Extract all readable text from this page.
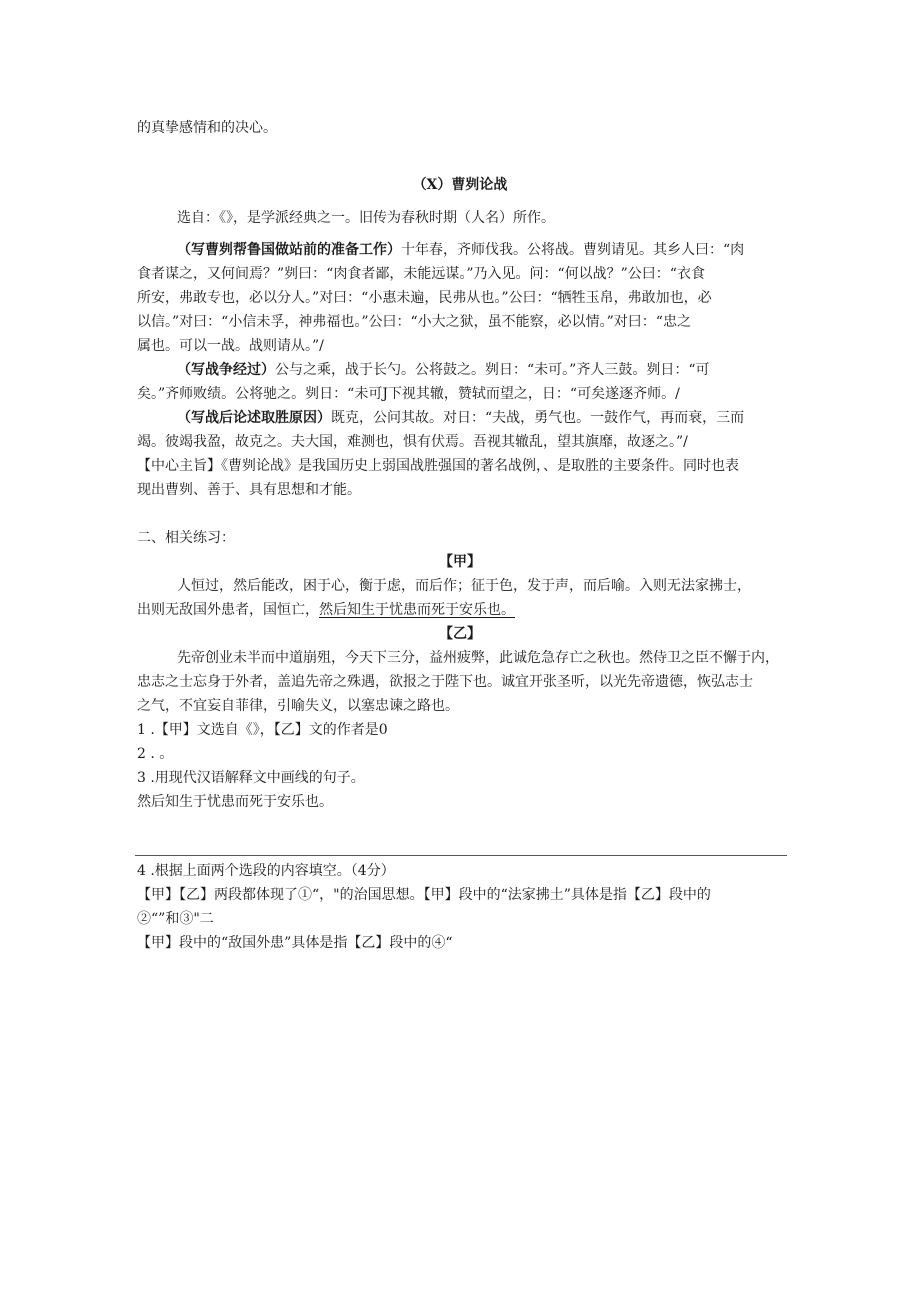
的真挚感情和的决心。
（X）曹刿论战
选自：《》，是学派经典之一。旧传为春秋时期（人名）所作。
（写曹刿帮鲁国做站前的准备工作）十年春，齐师伐我。公将战。曹刿请见。其乡人曰：“肉
食者谋之，又何间焉？”刿曰：“肉食者鄙，未能远谋。”乃入见。问：“何以战？”公曰：“衣食
所安，弗敢专也，必以分人。”对曰：“小惠未遍，民弗从也。”公曰：“牺牲玉帛，弗敢加也，必
以信。”对曰：“小信未孚，神弗福也。”公曰：“小大之狱，虽不能察，必以情。”对曰：“忠之
属也。可以一战。战则请从。”/
（写战争经过）公与之乘，战于长勺。公将鼓之。刿日：“未可。”齐人三鼓。刿日：“可
矣。”齐师败绩。公将驰之。刿日：“未可J下视其辙，赞轼而望之，日：“可矣遂逐齐师。/
（写战后论述取胜原因）既克，公问其故。对日：“夫战，勇气也。一鼓作气，再而衰，三而
竭。彼竭我盈，故克之。夫大国，难测也，惧有伏焉。吾视其辙乱，望其旗靡，故逐之。”/
【中心主旨】《曹刿论战》是我国历史上弱国战胜强国的著名战例，、是取胜的主要条件。同时也表
现出曹刿、善于、具有思想和才能。
二、相关练习：
【甲】
人恒过，然后能改，困于心，衡于虑，而后作；征于色，发于声，而后喻。入则无法家拂士，
出则无敌国外患者，国恒亡，然后知生于忧患而死于安乐也。
【乙】
先帝创业未半而中道崩殂，今天下三分，益州疲弊，此诚危急存亡之秋也。然侍卫之臣不懈于内，
忠志之士忘身于外者，盖追先帝之殊遇，欲报之于陛下也。诚宜开张圣听，以光先帝遗德，恢弘志士
之气，不宜妄自菲律，引喻失义，以塞忠谏之路也。
1 .【甲】文选自《》，【乙】文的作者是0
2 . 。
3 .用现代汉语解释文中画线的句子。
然后知生于忧患而死于安乐也。
4 .根据上面两个选段的内容填空。（4分）
【甲】【乙】两段都体现了①“，"的治国思想。【甲】段中的“法家拂土”具体是指【乙】段中的
②“”和③"二
【甲】段中的“敌国外患”具体是指【乙】段中的④“
